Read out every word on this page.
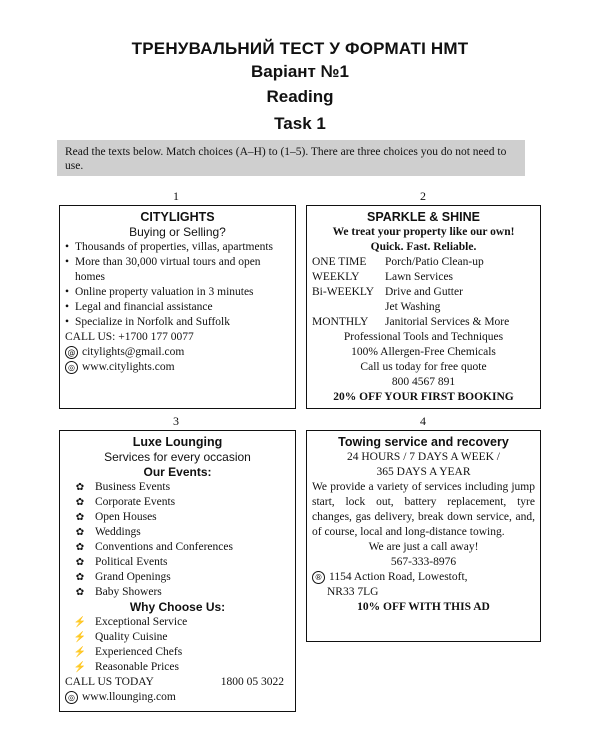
ТРЕНУВАЛЬНИЙ ТЕСТ У ФОРМАТІ НМТ
Варіант №1
Reading
Task 1
Read the texts below. Match choices (A–H) to (1–5). There are three choices you do not need to use.
1
CITYLIGHTS
Buying or Selling?
• Thousands of properties, villas, apartments
• More than 30,000 virtual tours and open homes
• Online property valuation in 3 minutes
• Legal and financial assistance
• Specialize in Norfolk and Suffolk
CALL US: +1700 177 0077
@ citylights@gmail.com
◎ www.citylights.com
2
SPARKLE & SHINE
We treat your property like our own!
Quick. Fast. Reliable.
ONE TIME	Porch/Patio Clean-up
WEEKLY	Lawn Services
Bi-WEEKLY Drive and Gutter
Jet Washing
MONTHLY	Janitorial Services & More
Professional Tools and Techniques
100% Allergen-Free Chemicals
Call us today for free quote
800 4567 891
20% OFF YOUR FIRST BOOKING
3
Luxe Lounging
Services for every occasion
Our Events:
✿ Business Events
✿ Corporate Events
✿ Open Houses
✿ Weddings
✿ Conventions and Conferences
✿ Political Events
✿ Grand Openings
✿ Baby Showers
Why Choose Us:
⚡ Exceptional Service
⚡ Quality Cuisine
⚡ Experienced Chefs
⚡ Reasonable Prices
CALL US TODAY	1800 05 3022
◎ www.llounging.com
4
Towing service and recovery
24 HOURS / 7 DAYS A WEEK /
365 DAYS A YEAR
We provide a variety of services including jump start, lock out, battery replacement, tyre changes, gas delivery, break down service, and, of course, local and long-distance towing.
We are just a call away!
567-333-8976
® 1154 Action Road, Lowestoft,
NR33 7LG
10% OFF WITH THIS AD
